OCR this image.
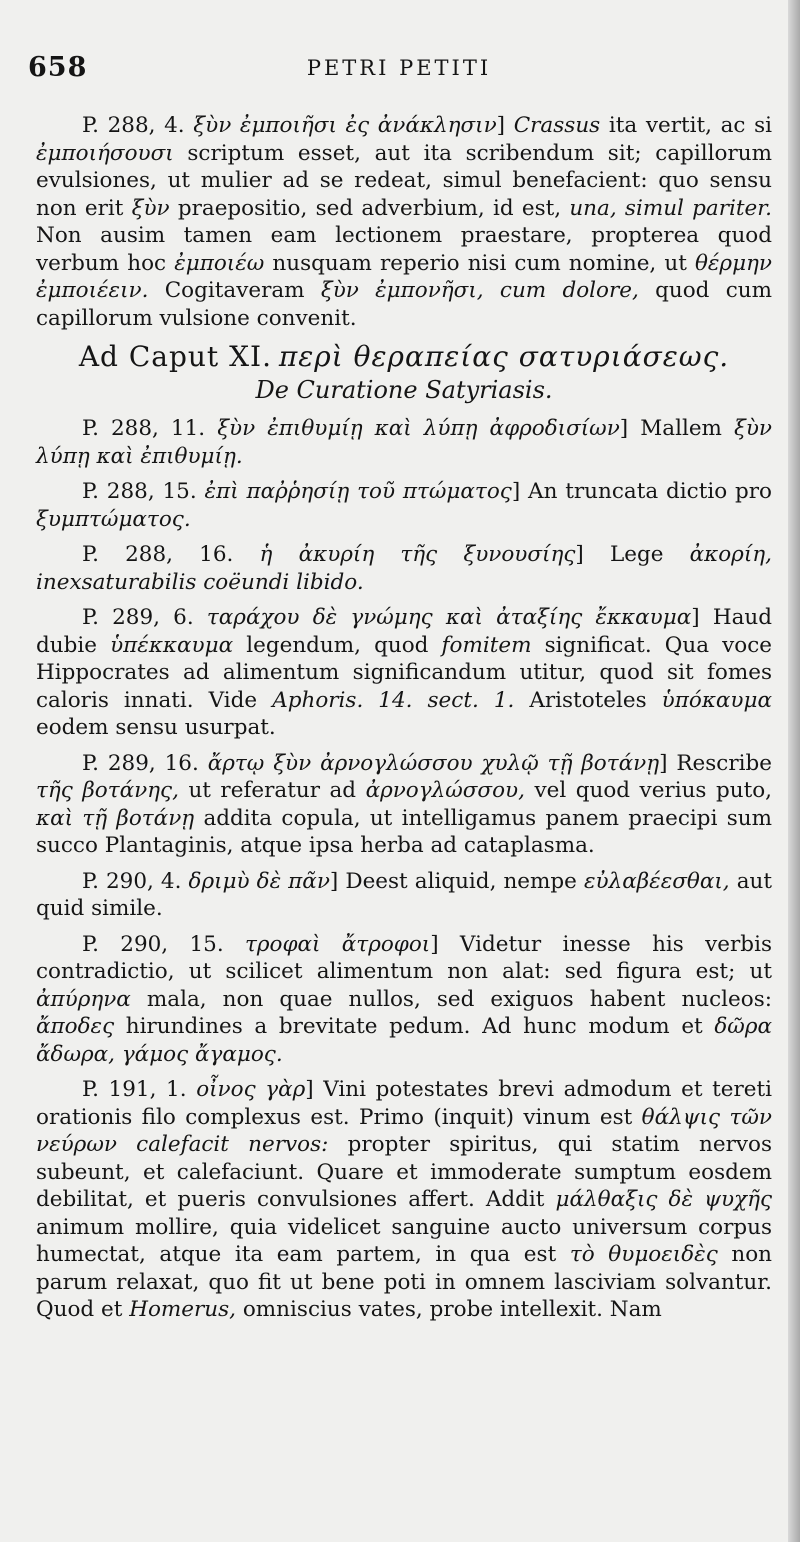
658	PETRI PETITI

P. 288, 4. ξὺν ἐμποιῆσι ἐς ἀνάκλησιν] Crassus ita vertit, ac si ἐμποιήσουσι scriptum esset, aut ita scribendum sit; capillorum evulsiones, ut mulier ad se redeat, simul benefacient: quo sensu non erit ξὺν praepositio, sed adverbium, id est, una, simul pariter. Non ausim tamen eam lectionem praestare, propterea quod verbum hoc ἐμποιέω nusquam reperio nisi cum nomine, ut θέρμην ἐμποιέειν. Cogitaveram ξὺν ἐμπονῆσι, cum dolore, quod cum capillorum vulsione convenit.

Ad Caput XI. περὶ θεραπείας σατυριάσεως.
De Curatione Satyriasis.

P. 288, 11. ξὺν ἐπιθυμίῃ καὶ λύπῃ ἀφροδισίων] Mallem ξὺν λύπῃ καὶ ἐπιθυμίῃ.

P. 288, 15. ἐπὶ παῤῥησίῃ τοῦ πτώματος] An truncata dictio pro ξυμπτώματος.

P. 288, 16. ἡ ἀκυρίη τῆς ξυνουσίης] Lege ἀκορίη, inexsaturabilis coëundi libido.

P. 289, 6. ταράχου δὲ γνώμης καὶ ἀταξίης ἔκκαυμα] Haud dubie ὑπέκκαυμα legendum, quod fomitem significat. Qua voce Hippocrates ad alimentum significandum utitur, quod sit fomes caloris innati. Vide Aphoris. 14. sect. 1. Aristoteles ὑπόκαυμα eodem sensu usurpat.

P. 289, 16. ἄρτῳ ξὺν ἀρνογλώσσου χυλῷ τῇ βοτάνῃ] Rescribe τῆς βοτάνης, ut referatur ad ἀρνογλώσσου, vel quod verius puto, καὶ τῇ βοτάνῃ addita copula, ut intelligamus panem praecipi sum succo Plantaginis, atque ipsa herba ad cataplasma.

P. 290, 4. δριμὺ δὲ πᾶν] Deest aliquid, nempe εὐλαβέεσθαι, aut quid simile.

P. 290, 15. τροφαὶ ἄτροφοι] Videtur inesse his verbis contradictio, ut scilicet alimentum non alat: sed figura est; ut ἀπύρηνα mala, non quae nullos, sed exiguos habent nucleos: ἄποδες hirundines a brevitate pedum. Ad hunc modum et δῶρα ἄδωρα, γάμος ἄγαμος.

P. 191, 1. οἶνος γὰρ] Vini potestates brevi admodum et tereti orationis filo complexus est. Primo (inquit) vinum est θάλψις τῶν νεύρων calefacit nervos: propter spiritus, qui statim nervos subeunt, et calefaciunt. Quare et immoderate sumptum eosdem debilitat, et pueris convulsiones affert. Addit μάλθαξις δὲ ψυχῆς animum mollire, quia videlicet sanguine aucto universum corpus humectat, atque ita eam partem, in qua est τὸ θυμοειδὲς non parum relaxat, quo fit ut bene poti in omnem lasciviam solvantur. Quod et Homerus, omniscius vates, probe intellexit. Nam
